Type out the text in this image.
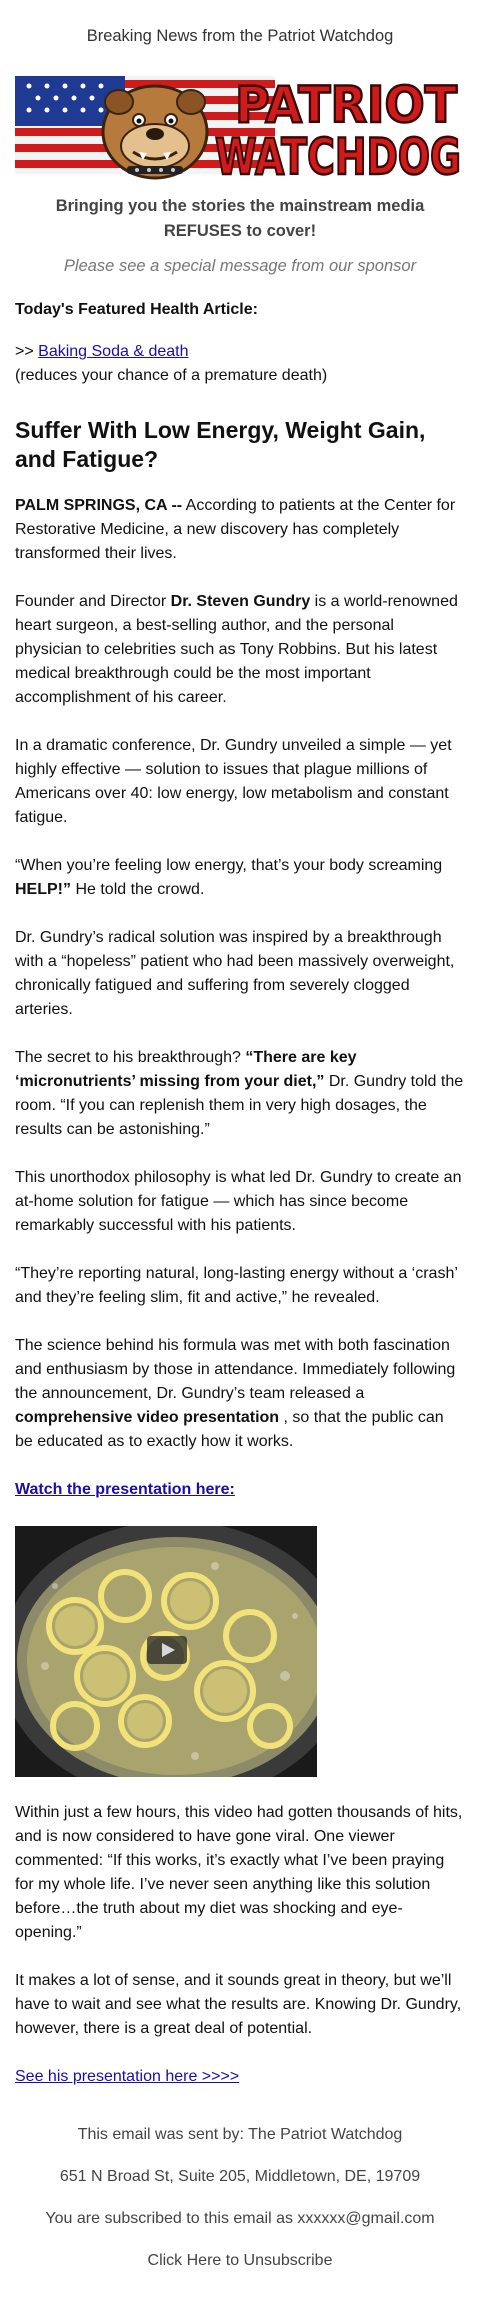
Breaking News from the Patriot Watchdog
PATRIOT
WATCHDOG
Bringing you the stories the mainstream media REFUSES to cover!
Please see a special message from our sponsor
Today's Featured Health Article:
>> Baking Soda & death
(reduces your chance of a premature death)
Suffer With Low Energy, Weight Gain, and Fatigue?

PALM SPRINGS, CA -- According to patients at the Center for Restorative Medicine, a new discovery has completely transformed their lives.

Founder and Director Dr. Steven Gundry is a world-renowned heart surgeon, a best-selling author, and the personal physician to celebrities such as Tony Robbins. But his latest medical breakthrough could be the most important accomplishment of his career.

In a dramatic conference, Dr. Gundry unveiled a simple — yet highly effective — solution to issues that plague millions of Americans over 40: low energy, low metabolism and constant fatigue.

“When you’re feeling low energy, that’s your body screaming HELP!” He told the crowd.

Dr. Gundry’s radical solution was inspired by a breakthrough with a “hopeless” patient who had been massively overweight, chronically fatigued and suffering from severely clogged arteries.

The secret to his breakthrough? “There are key ‘micronutrients’ missing from your diet,” Dr. Gundry told the room. “If you can replenish them in very high dosages, the results can be astonishing.”

This unorthodox philosophy is what led Dr. Gundry to create an at-home solution for fatigue — which has since become remarkably successful with his patients.

“They’re reporting natural, long-lasting energy without a ‘crash’ and they’re feeling slim, fit and active,” he revealed.

The science behind his formula was met with both fascination and enthusiasm by those in attendance. Immediately following the announcement, Dr. Gundry’s team released a comprehensive video presentation , so that the public can be educated as to exactly how it works.

Watch the presentation here:

Within just a few hours, this video had gotten thousands of hits, and is now considered to have gone viral. One viewer commented: “If this works, it’s exactly what I’ve been praying for my whole life. I’ve never seen anything like this solution before…the truth about my diet was shocking and eye-opening.”

It makes a lot of sense, and it sounds great in theory, but we’ll have to wait and see what the results are. Knowing Dr. Gundry, however, there is a great deal of potential.

See his presentation here >>>>
This email was sent by: The Patriot Watchdog
651 N Broad St, Suite 205, Middletown, DE, 19709
You are subscribed to this email as xxxxxx@gmail.com
Click Here to Unsubscribe
